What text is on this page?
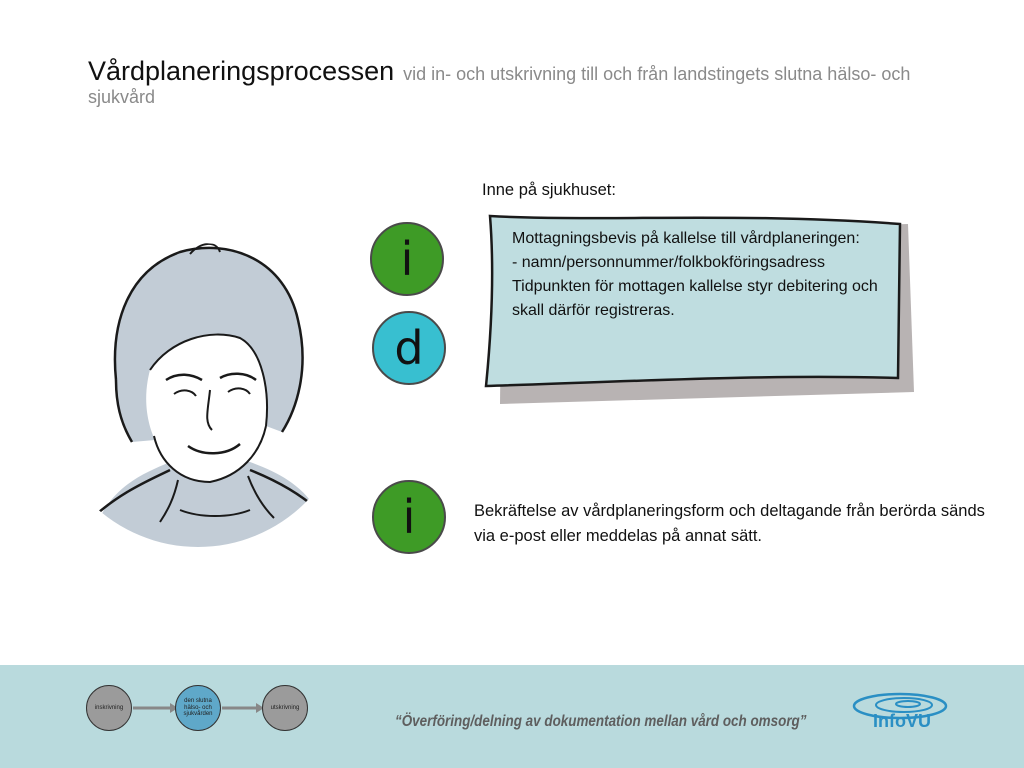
Vårdplaneringsprocessen vid in- och utskrivning till och från landstingets slutna hälso- och sjukvård
i
d
i
Inne på sjukhuset:
Mottagningsbevis på kallelse till vårdplaneringen:
- namn/personnummer/folkbokföringsadress
Tidpunkten för mottagen kallelse styr debitering och skall därför registreras.
Bekräftelse av vårdplaneringsform och deltagande från berörda sänds via e-post eller meddelas på annat sätt.
inskrivning
den slutna hälso- och sjukvården
utskrivning
“Överföring/delning av dokumentation mellan vård och omsorg”	InfoVU
